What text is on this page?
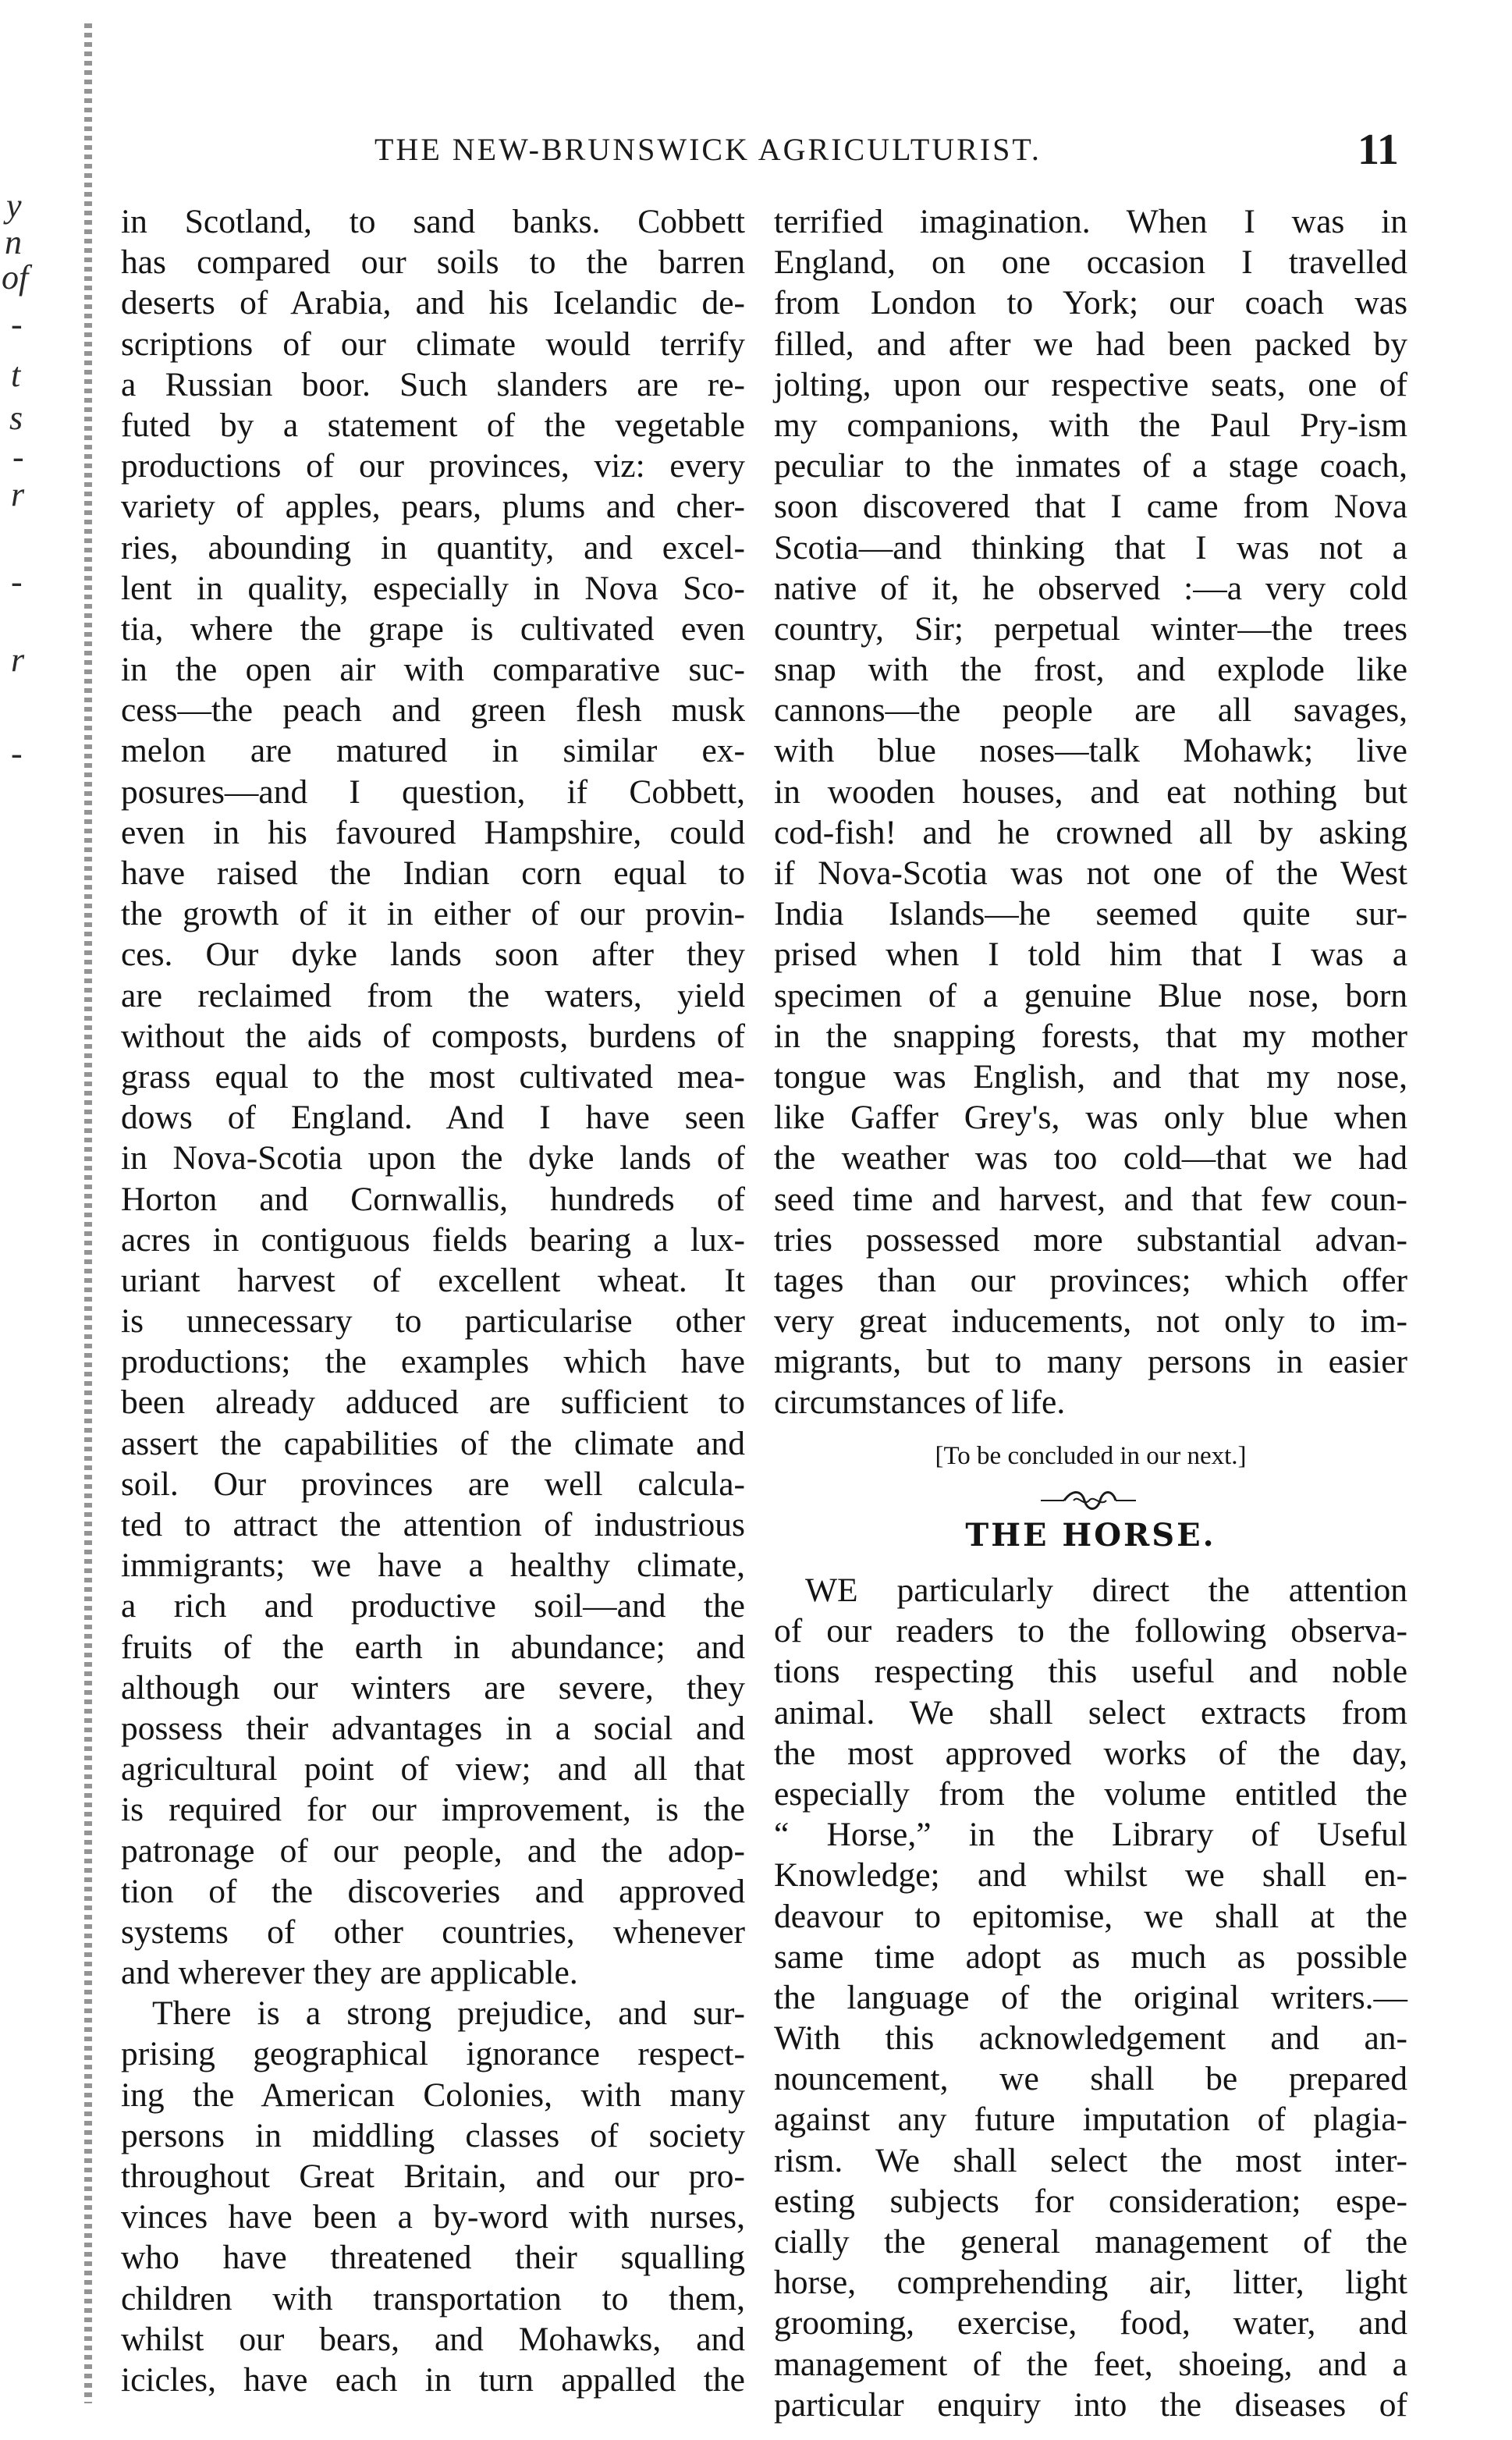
y
n
of
-
t
s
-
r
-
r
-
THE NEW-BRUNSWICK AGRICULTURIST.	11
in Scotland, to sand banks. Cobbett
has compared our soils to the barren
deserts of Arabia, and his Icelandic de-
scriptions of our climate would terrify
a Russian boor. Such slanders are re-
futed by a statement of the vegetable
productions of our provinces, viz: every
variety of apples, pears, plums and cher-
ries, abounding in quantity, and excel-
lent in quality, especially in Nova Sco-
tia, where the grape is cultivated even
in the open air with comparative suc-
cess—the peach and green flesh musk
melon are matured in similar ex-
posures—and I question, if Cobbett,
even in his favoured Hampshire, could
have raised the Indian corn equal to
the growth of it in either of our provin-
ces. Our dyke lands soon after they
are reclaimed from the waters, yield
without the aids of composts, burdens of
grass equal to the most cultivated mea-
dows of England. And I have seen
in Nova-Scotia upon the dyke lands of
Horton and Cornwallis, hundreds of
acres in contiguous fields bearing a lux-
uriant harvest of excellent wheat. It
is unnecessary to particularise other
productions; the examples which have
been already adduced are sufficient to
assert the capabilities of the climate and
soil. Our provinces are well calcula-
ted to attract the attention of industrious
immigrants; we have a healthy climate,
a rich and productive soil—and the
fruits of the earth in abundance; and
although our winters are severe, they
possess their advantages in a social and
agricultural point of view; and all that
is required for our improvement, is the
patronage of our people, and the adop-
tion of the discoveries and approved
systems of other countries, whenever
and wherever they are applicable.
There is a strong prejudice, and sur-
prising geographical ignorance respect-
ing the American Colonies, with many
persons in middling classes of society
throughout Great Britain, and our pro-
vinces have been a by-word with nurses,
who have threatened their squalling
children with transportation to them,
whilst our bears, and Mohawks, and
icicles, have each in turn appalled the
terrified imagination. When I was in
England, on one occasion I travelled
from London to York; our coach was
filled, and after we had been packed by
jolting, upon our respective seats, one of
my companions, with the Paul Pry-ism
peculiar to the inmates of a stage coach,
soon discovered that I came from Nova
Scotia—and thinking that I was not a
native of it, he observed :—a very cold
country, Sir; perpetual winter—the trees
snap with the frost, and explode like
cannons—the people are all savages,
with blue noses—talk Mohawk; live
in wooden houses, and eat nothing but
cod-fish! and he crowned all by asking
if Nova-Scotia was not one of the West
India Islands—he seemed quite sur-
prised when I told him that I was a
specimen of a genuine Blue nose, born
in the snapping forests, that my mother
tongue was English, and that my nose,
like Gaffer Grey's, was only blue when
the weather was too cold—that we had
seed time and harvest, and that few coun-
tries possessed more substantial advan-
tages than our provinces; which offer
very great inducements, not only to im-
migrants, but to many persons in easier
circumstances of life.
[To be concluded in our next.]
THE HORSE.
WE particularly direct the attention
of our readers to the following observa-
tions respecting this useful and noble
animal. We shall select extracts from
the most approved works of the day,
especially from the volume entitled the
“ Horse,” in the Library of Useful
Knowledge; and whilst we shall en-
deavour to epitomise, we shall at the
same time adopt as much as possible
the language of the original writers.—
With this acknowledgement and an-
nouncement, we shall be prepared
against any future imputation of plagia-
rism. We shall select the most inter-
esting subjects for consideration; espe-
cially the general management of the
horse, comprehending air, litter, light
grooming, exercise, food, water, and
management of the feet, shoeing, and a
particular enquiry into the diseases of
